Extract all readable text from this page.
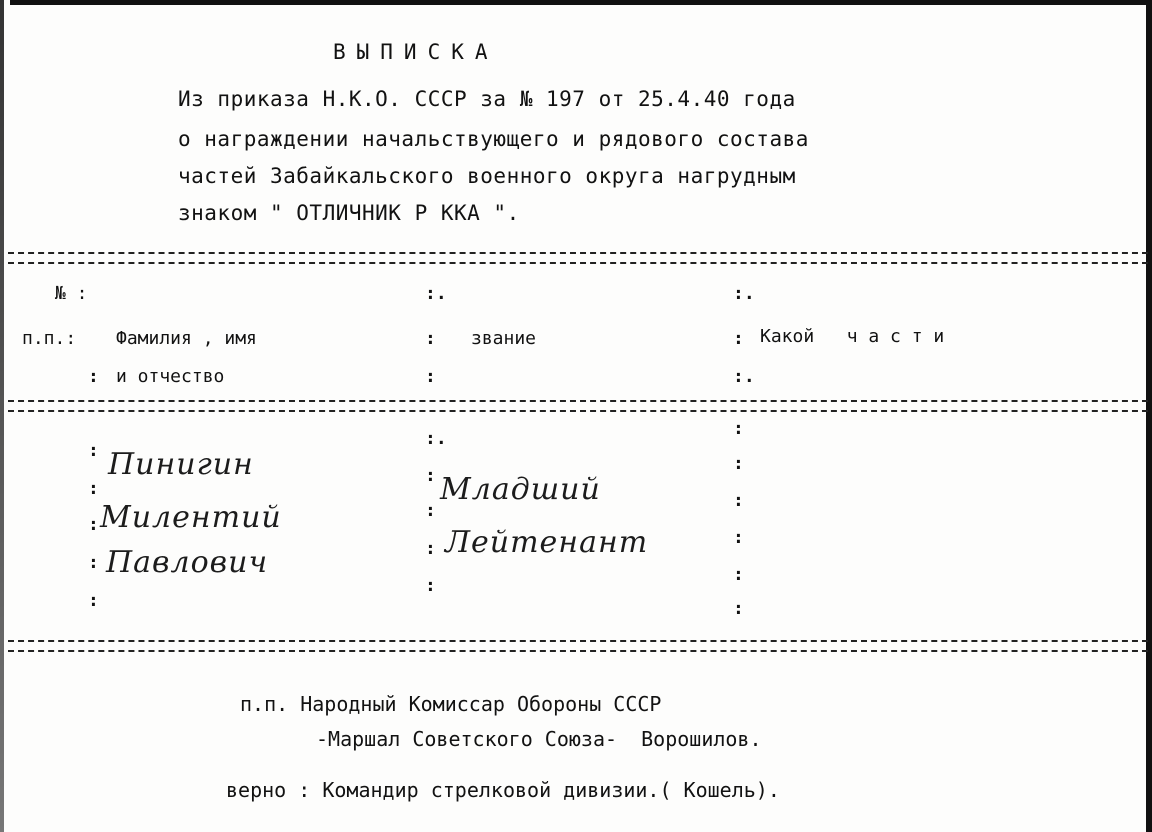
ВЫПИСКА
Из приказа Н.К.О. СССР за № 197 от 25.4.40 года
о награждении начальствующего и рядового состава
частей Забайкальского военного округа нагрудным
знаком " ОТЛИЧНИК Р ККА ".
№ :
п.п.:
:
Фамилия , имя
и отчество
:.
:
:
звание
:.
:
:.
Какой   ч а с т и
:
:
:
:
:
Пинигин
Милентий
Павлович
:.
:
:
:
:
Младший
Лейтенант
:
:
:
:
:
:
п.п. Народный Комиссар Обороны СССР
-Маршал Советского Союза-  Ворошилов.
верно : Командир стрелковой дивизии.( Кошель).
